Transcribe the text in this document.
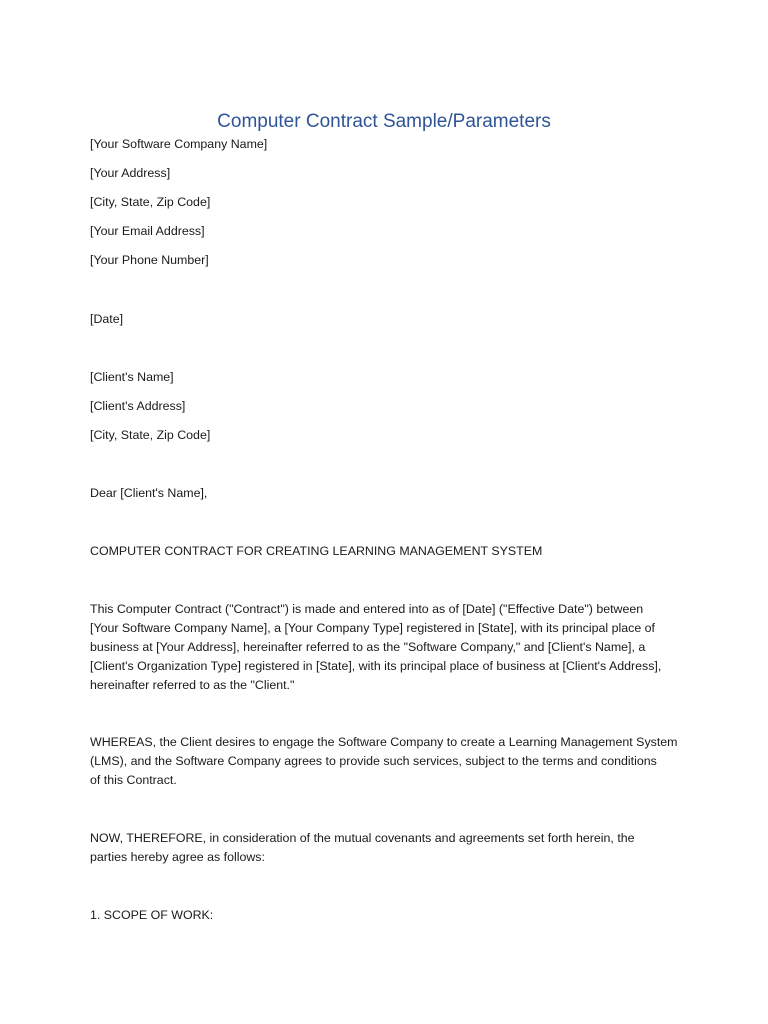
Computer Contract Sample/Parameters
[Your Software Company Name]
[Your Address]
[City, State, Zip Code]
[Your Email Address]
[Your Phone Number]
[Date]
[Client's Name]
[Client's Address]
[City, State, Zip Code]
Dear [Client's Name],
COMPUTER CONTRACT FOR CREATING LEARNING MANAGEMENT SYSTEM
This Computer Contract ("Contract") is made and entered into as of [Date] ("Effective Date") between
[Your Software Company Name], a [Your Company Type] registered in [State], with its principal place of
business at [Your Address], hereinafter referred to as the "Software Company," and [Client's Name], a
[Client's Organization Type] registered in [State], with its principal place of business at [Client's Address],
hereinafter referred to as the "Client."
WHEREAS, the Client desires to engage the Software Company to create a Learning Management System
(LMS), and the Software Company agrees to provide such services, subject to the terms and conditions
of this Contract.
NOW, THEREFORE, in consideration of the mutual covenants and agreements set forth herein, the
parties hereby agree as follows:
1. SCOPE OF WORK:
